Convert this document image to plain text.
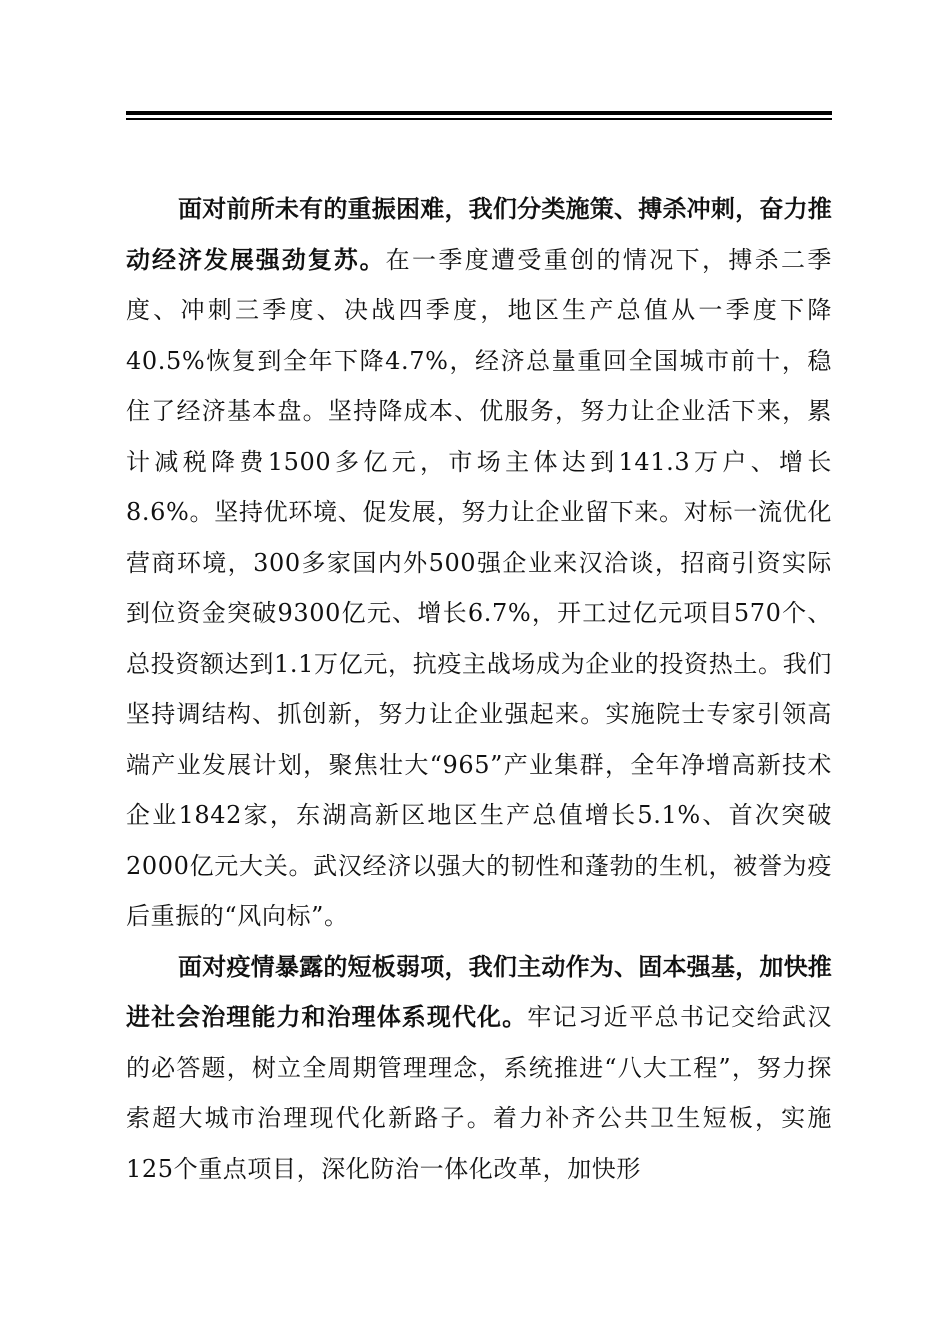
面对前所未有的重振困难，我们分类施策、搏杀冲刺，奋力推动经济发展强劲复苏。在一季度遭受重创的情况下，搏杀二季度、冲刺三季度、决战四季度，地区生产总值从一季度下降40.5%恢复到全年下降4.7%，经济总量重回全国城市前十，稳住了经济基本盘。坚持降成本、优服务，努力让企业活下来，累计减税降费1500多亿元，市场主体达到141.3万户、增长8.6%。坚持优环境、促发展，努力让企业留下来。对标一流优化营商环境，300多家国内外500强企业来汉洽谈，招商引资实际到位资金突破9300亿元、增长6.7%，开工过亿元项目570个、总投资额达到1.1万亿元，抗疫主战场成为企业的投资热土。我们坚持调结构、抓创新，努力让企业强起来。实施院士专家引领高端产业发展计划，聚焦壮大“965”产业集群，全年净增高新技术企业1842家，东湖高新区地区生产总值增长5.1%、首次突破2000亿元大关。武汉经济以强大的韧性和蓬勃的生机，被誉为疫后重振的“风向标”。

面对疫情暴露的短板弱项，我们主动作为、固本强基，加快推进社会治理能力和治理体系现代化。牢记习近平总书记交给武汉的必答题，树立全周期管理理念，系统推进“八大工程”，努力探索超大城市治理现代化新路子。着力补齐公共卫生短板，实施125个重点项目，深化防治一体化改革，加快形
